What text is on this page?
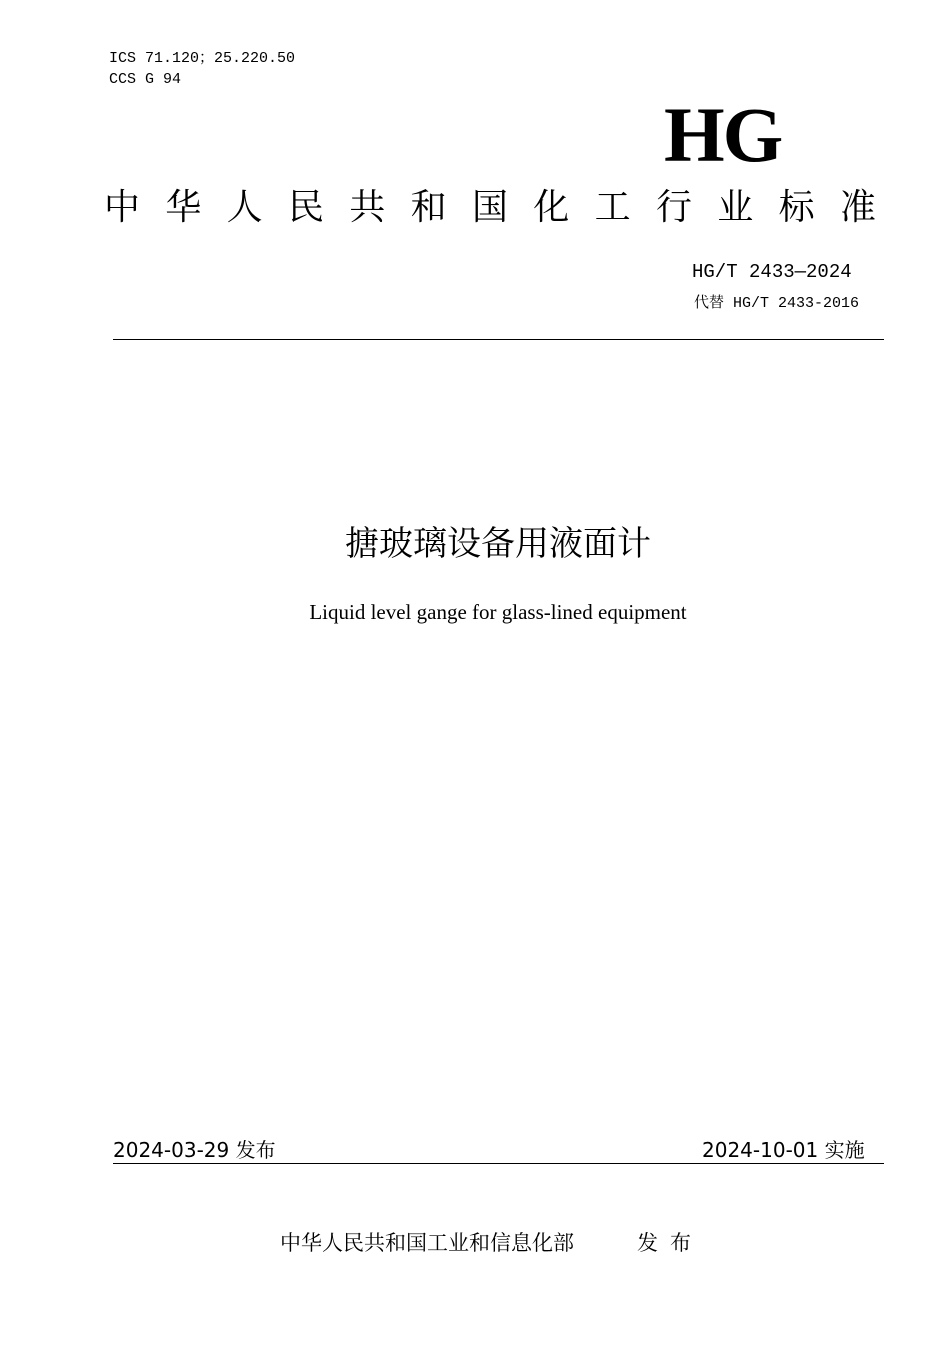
ICS 71.120；25.220.50
CCS G 94
HG
中 华 人 民 共 和 国 化 工 行 业 标 准
HG/T 2433—2024
代替 HG/T 2433-2016
搪玻璃设备用液面计
Liquid level gange for glass-lined equipment
2024-03-29 发布	2024-10-01 实施
中华人民共和国工业和信息化部	发布
